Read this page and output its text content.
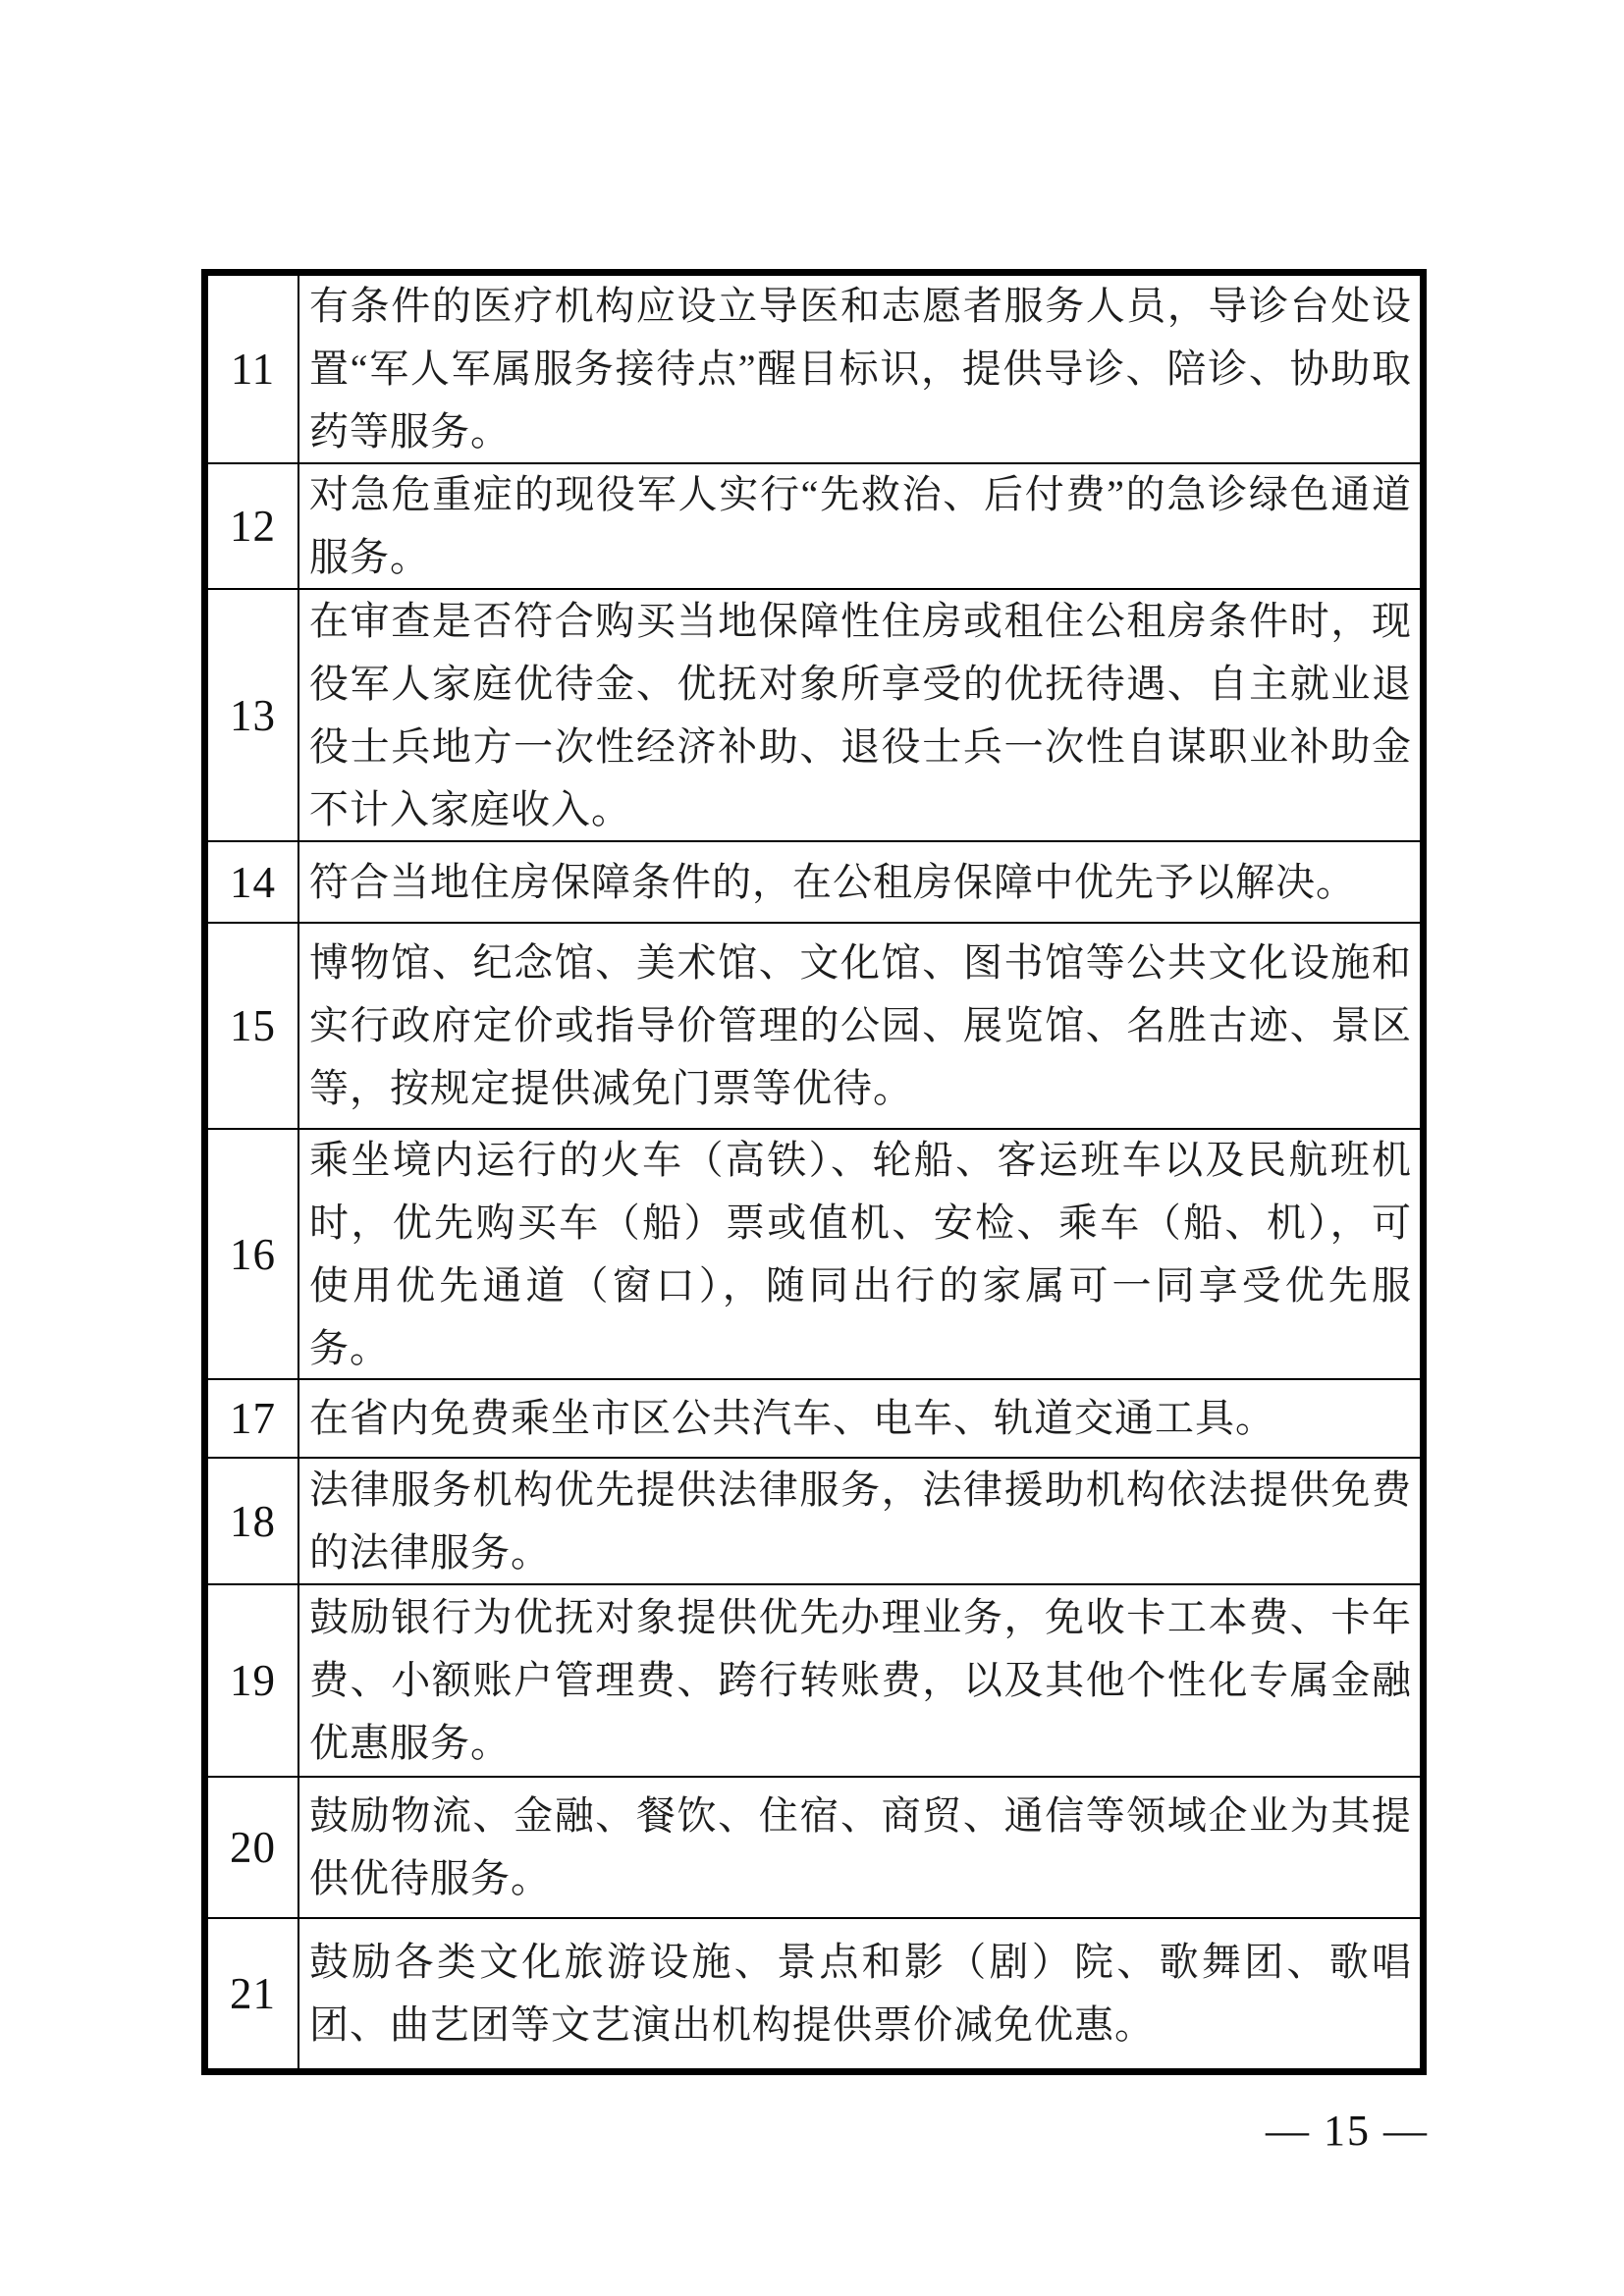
11
有条件的医疗机构应设立导医和志愿者服务人员，导诊台处设置“军人军属服务接待点”醒目标识，提供导诊、陪诊、协助取药等服务。
12
对急危重症的现役军人实行“先救治、后付费”的急诊绿色通道服务。
13
在审查是否符合购买当地保障性住房或租住公租房条件时，现役军人家庭优待金、优抚对象所享受的优抚待遇、自主就业退役士兵地方一次性经济补助、退役士兵一次性自谋职业补助金不计入家庭收入。
14 符合当地住房保障条件的，在公租房保障中优先予以解决。
15
博物馆、纪念馆、美术馆、文化馆、图书馆等公共文化设施和实行政府定价或指导价管理的公园、展览馆、名胜古迹、景区等，按规定提供减免门票等优待。
16
乘坐境内运行的火车（高铁）、轮船、客运班车以及民航班机时，优先购买车（船）票或值机、安检、乘车（船、机），可使用优先通道（窗口），随同出行的家属可一同享受优先服务。
17 在省内免费乘坐市区公共汽车、电车、轨道交通工具。
18
法律服务机构优先提供法律服务，法律援助机构依法提供免费的法律服务。
19
鼓励银行为优抚对象提供优先办理业务，免收卡工本费、卡年费、小额账户管理费、跨行转账费，以及其他个性化专属金融优惠服务。
20
鼓励物流、金融、餐饮、住宿、商贸、通信等领域企业为其提供优待服务。
21
鼓励各类文化旅游设施、景点和影（剧）院、歌舞团、歌唱团、曲艺团等文艺演出机构提供票价减免优惠。
— 15 —
